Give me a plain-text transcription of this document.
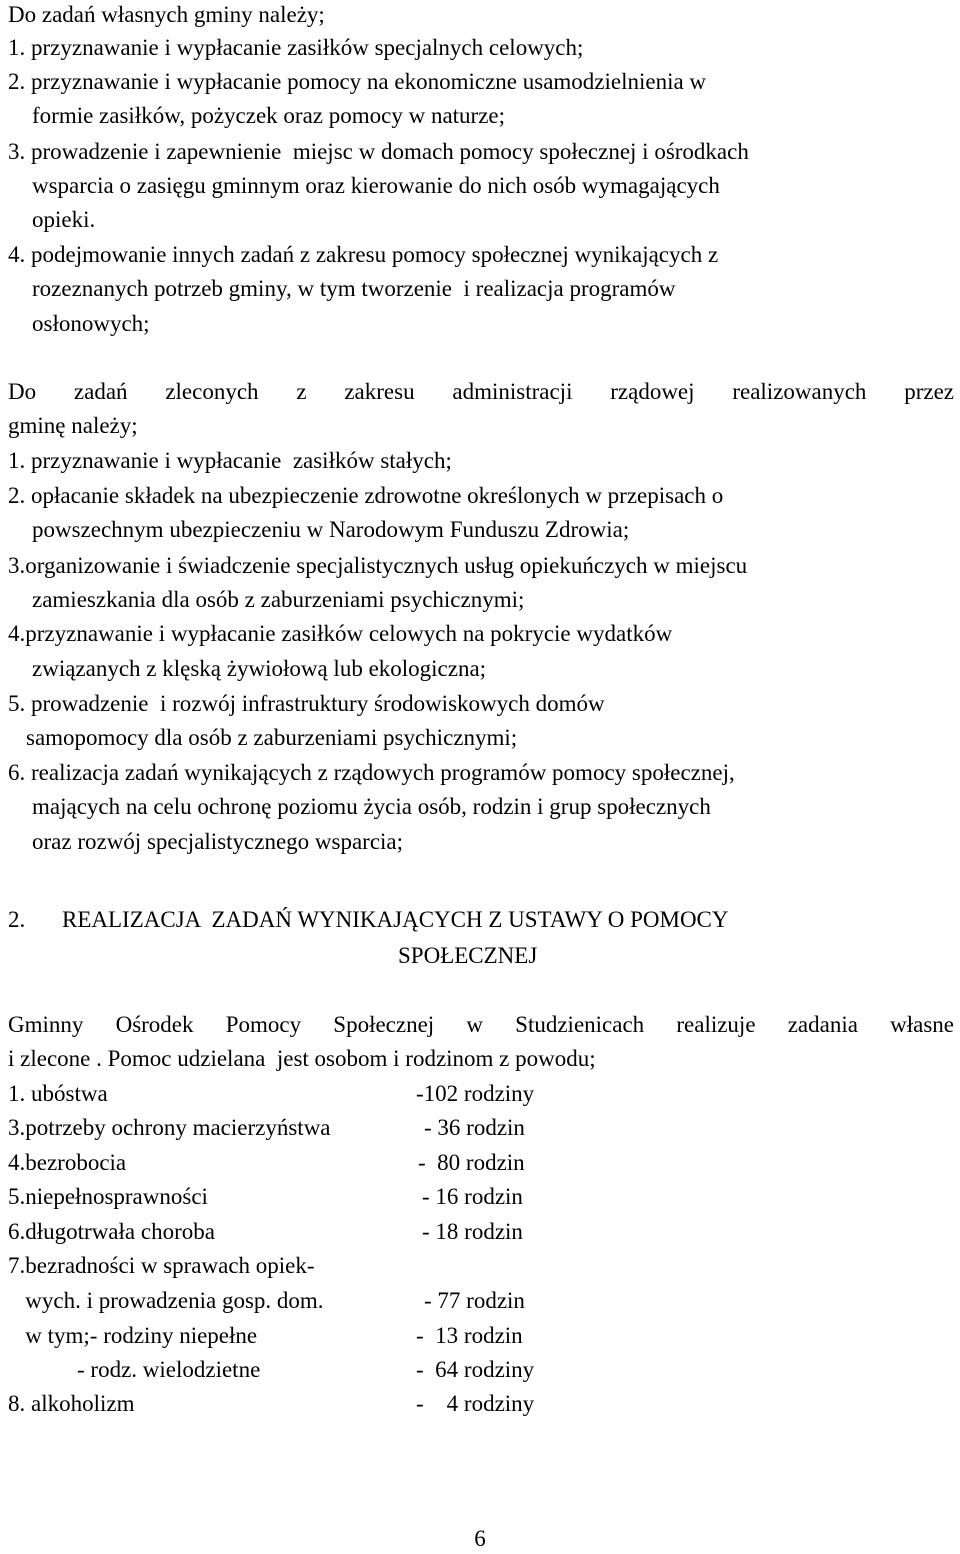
Do zadań własnych gminy należy;
1. przyznawanie i wypłacanie zasiłków specjalnych celowych;
2. przyznawanie i wypłacanie pomocy na ekonomiczne usamodzielnienia w
formie zasiłków, pożyczek oraz pomocy w naturze;
3. prowadzenie i zapewnienie  miejsc w domach pomocy społecznej i ośrodkach
wsparcia o zasięgu gminnym oraz kierowanie do nich osób wymagających
opieki.
4. podejmowanie innych zadań z zakresu pomocy społecznej wynikających z
rozeznanych potrzeb gminy, w tym tworzenie  i realizacja programów
osłonowych;
Do zadań zleconych z zakresu administracji rządowej realizowanych przez
gminę należy;
1. przyznawanie i wypłacanie  zasiłków stałych;
2. opłacanie składek na ubezpieczenie zdrowotne określonych w przepisach o
powszechnym ubezpieczeniu w Narodowym Funduszu Zdrowia;
3.organizowanie i świadczenie specjalistycznych usług opiekuńczych w miejscu
zamieszkania dla osób z zaburzeniami psychicznymi;
4.przyznawanie i wypłacanie zasiłków celowych na pokrycie wydatków
związanych z klęską żywiołową lub ekologiczna;
5. prowadzenie  i rozwój infrastruktury środowiskowych domów
samopomocy dla osób z zaburzeniami psychicznymi;
6. realizacja zadań wynikających z rządowych programów pomocy społecznej,
mających na celu ochronę poziomu życia osób, rodzin i grup społecznych
oraz rozwój specjalistycznego wsparcia;
2. REALIZACJA  ZADAŃ WYNIKAJĄCYCH Z USTAWY O POMOCY
SPOŁECZNEJ
Gminny Ośrodek Pomocy Społecznej w Studzienicach realizuje zadania własne
i zlecone . Pomoc udzielana  jest osobom i rodzinom z powodu;
1. ubóstwa	-102 rodziny
3.potrzeby ochrony macierzyństwa	- 36 rodzin
4.bezrobocia	-  80 rodzin
5.niepełnosprawności	- 16 rodzin
6.długotrwała choroba	- 18 rodzin
7.bezradności w sprawach opiek-
wych. i prowadzenia gosp. dom.	- 77 rodzin
w tym;- rodziny niepełne	-  13 rodzin
- rodz. wielodzietne	-  64 rodziny
8. alkoholizm	-    4 rodziny
6
